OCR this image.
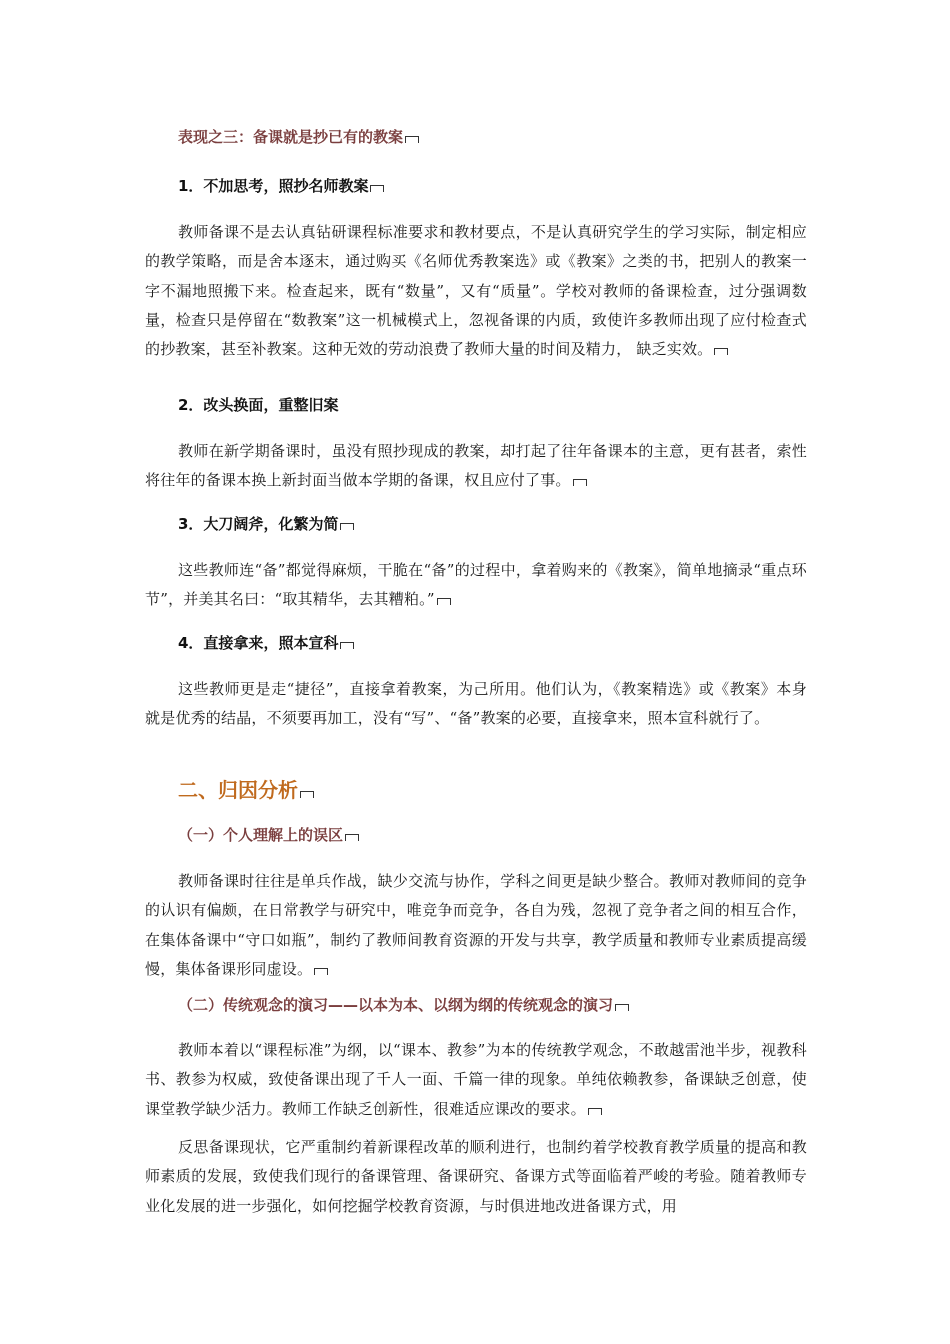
表现之三：备课就是抄已有的教案
1．不加思考，照抄名师教案

教师备课不是去认真钻研课程标准要求和教材要点，不是认真研究学生的学习实际，制定相应的教学策略，而是舍本逐末，通过购买《名师优秀教案选》或《教案》之类的书，把别人的教案一字不漏地照搬下来。检查起来，既有“数量”，又有“质量”。学校对教师的备课检查，过分强调数量，检查只是停留在“数教案”这一机械模式上，忽视备课的内质，致使许多教师出现了应付检查式的抄教案，甚至补教案。这种无效的劳动浪费了教师大量的时间及精力， 缺乏实效。

2．改头换面，重整旧案

教师在新学期备课时，虽没有照抄现成的教案，却打起了往年备课本的主意，更有甚者，索性将往年的备课本换上新封面当做本学期的备课，权且应付了事。

3．大刀阔斧，化繁为简

这些教师连“备”都觉得麻烦，干脆在“备”的过程中，拿着购来的《教案》，简单地摘录“重点环节”，并美其名曰：“取其精华，去其糟粕。”

4．直接拿来，照本宣科

这些教师更是走“捷径”，直接拿着教案，为己所用。他们认为，《教案精选》或《教案》本身就是优秀的结晶，不须要再加工，没有“写”、“备”教案的必要，直接拿来，照本宣科就行了。

二、归因分析
（一）个人理解上的误区

教师备课时往往是单兵作战，缺少交流与协作，学科之间更是缺少整合。教师对教师间的竞争的认识有偏颇，在日常教学与研究中，唯竞争而竞争，各自为残，忽视了竞争者之间的相互合作，在集体备课中“守口如瓶”，制约了教师间教育资源的开发与共享，教学质量和教师专业素质提高缓慢，集体备课形同虚设。

（二）传统观念的演习——以本为本、以纲为纲的传统观念的演习

教师本着以“课程标准”为纲，以“课本、教参”为本的传统教学观念，不敢越雷池半步，视教科书、教参为权威，致使备课出现了千人一面、千篇一律的现象。单纯依赖教参，备课缺乏创意，使课堂教学缺少活力。教师工作缺乏创新性，很难适应课改的要求。

反思备课现状，它严重制约着新课程改革的顺利进行，也制约着学校教育教学质量的提高和教师素质的发展，致使我们现行的备课管理、备课研究、备课方式等面临着严峻的考验。随着教师专业化发展的进一步强化，如何挖掘学校教育资源，与时俱进地改进备课方式，用
